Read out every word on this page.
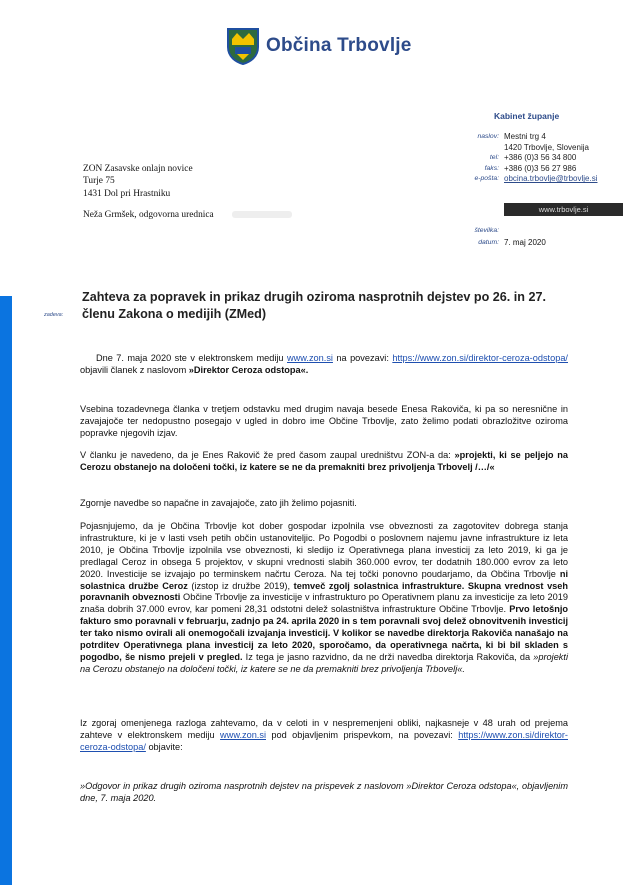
Občina Trbovlje
Kabinet županje
naslov: Mestni trg 4
1420 Trbovlje, Slovenija
tel: +386 (0)3 56 34 800
faks: +386 (0)3 56 27 986
e-pošta: obcina.trbovlje@trbovlje.si
www.trbovlje.si
številka:
datum: 7. maj 2020
ZON Zasavske onlajn novice
Turje 75
1431 Dol pri Hrastniku
Neža Grmšek, odgovorna urednica
zadeva:
Zahteva za popravek in prikaz drugih oziroma nasprotnih dejstev po 26. in 27. členu Zakona o medijih (ZMed)

Dne 7. maja 2020 ste v elektronskem mediju www.zon.si na povezavi: https://www.zon.si/direktor-ceroza-odstopa/ objavili članek z naslovom »Direktor Ceroza odstopa«.

Vsebina tozadevnega članka v tretjem odstavku med drugim navaja besede Enesa Rakoviča, ki pa so neresnične in zavajajoče ter nedopustno posegajo v ugled in dobro ime Občine Trbovlje, zato želimo podati obrazložitve oziroma popravke njegovih izjav.

V članku je navedeno, da je Enes Rakovič že pred časom zaupal uredništvu ZON-a da: »projekti, ki se peljejo na Cerozu obstanejo na določeni točki, iz katere se ne da premakniti brez privoljenja Trbovelj /…/«

Zgornje navedbe so napačne in zavajajoče, zato jih želimo pojasniti.

Pojasnjujemo, da je Občina Trbovlje kot dober gospodar izpolnila vse obveznosti za zagotovitev dobrega stanja infrastrukture, ki je v lasti vseh petih občin ustanoviteljic. Po Pogodbi o poslovnem najemu javne infrastrukture iz leta 2010, je Občina Trbovlje izpolnila vse obveznosti, ki sledijo iz Operativnega plana investicij za leto 2019, ki ga je predlagal Ceroz in obsega 5 projektov, v skupni vrednosti slabih 360.000 evrov, ter dodatnih 180.000 evrov za leto 2020. Investicije se izvajajo po terminskem načrtu Ceroza. Na tej točki ponovno poudarjamo, da Občina Trbovlje ni solastnica družbe Ceroz (izstop iz družbe 2019), temveč zgolj solastnica infrastrukture. Skupna vrednost vseh poravnanih obveznosti Občine Trbovlje za investicije v infrastrukturo po Operativnem planu za investicije za leto 2019 znaša dobrih 37.000 evrov, kar pomeni 28,31 odstotni delež solastništva infrastrukture Občine Trbovlje. Prvo letošnjo fakturo smo poravnali v februarju, zadnjo pa 24. aprila 2020 in s tem poravnali svoj delež obnovitvenih investicij ter tako nismo ovirali ali onemogočali izvajanja investicij. V kolikor se navedbe direktorja Rakoviča nanašajo na potrditev Operativnega plana investicij za leto 2020, sporočamo, da operativnega načrta, ki bi bil skladen s pogodbo, še nismo prejeli v pregled. Iz tega je jasno razvidno, da ne drži navedba direktorja Rakoviča, da »projekti na Cerozu obstanejo na določeni točki, iz katere se ne da premakniti brez privoljenja Trbovelj«.

Iz zgoraj omenjenega razloga zahtevamo, da v celoti in v nespremenjeni obliki, najkasneje v 48 urah od prejema zahteve v elektronskem mediju www.zon.si pod objavljenim prispevkom, na povezavi: https://www.zon.si/direktor-ceroza-odstopa/ objavite:

»Odgovor in prikaz drugih oziroma nasprotnih dejstev na prispevek z naslovom »Direktor Ceroza odstopa«, objavljenim dne, 7. maja 2020.
